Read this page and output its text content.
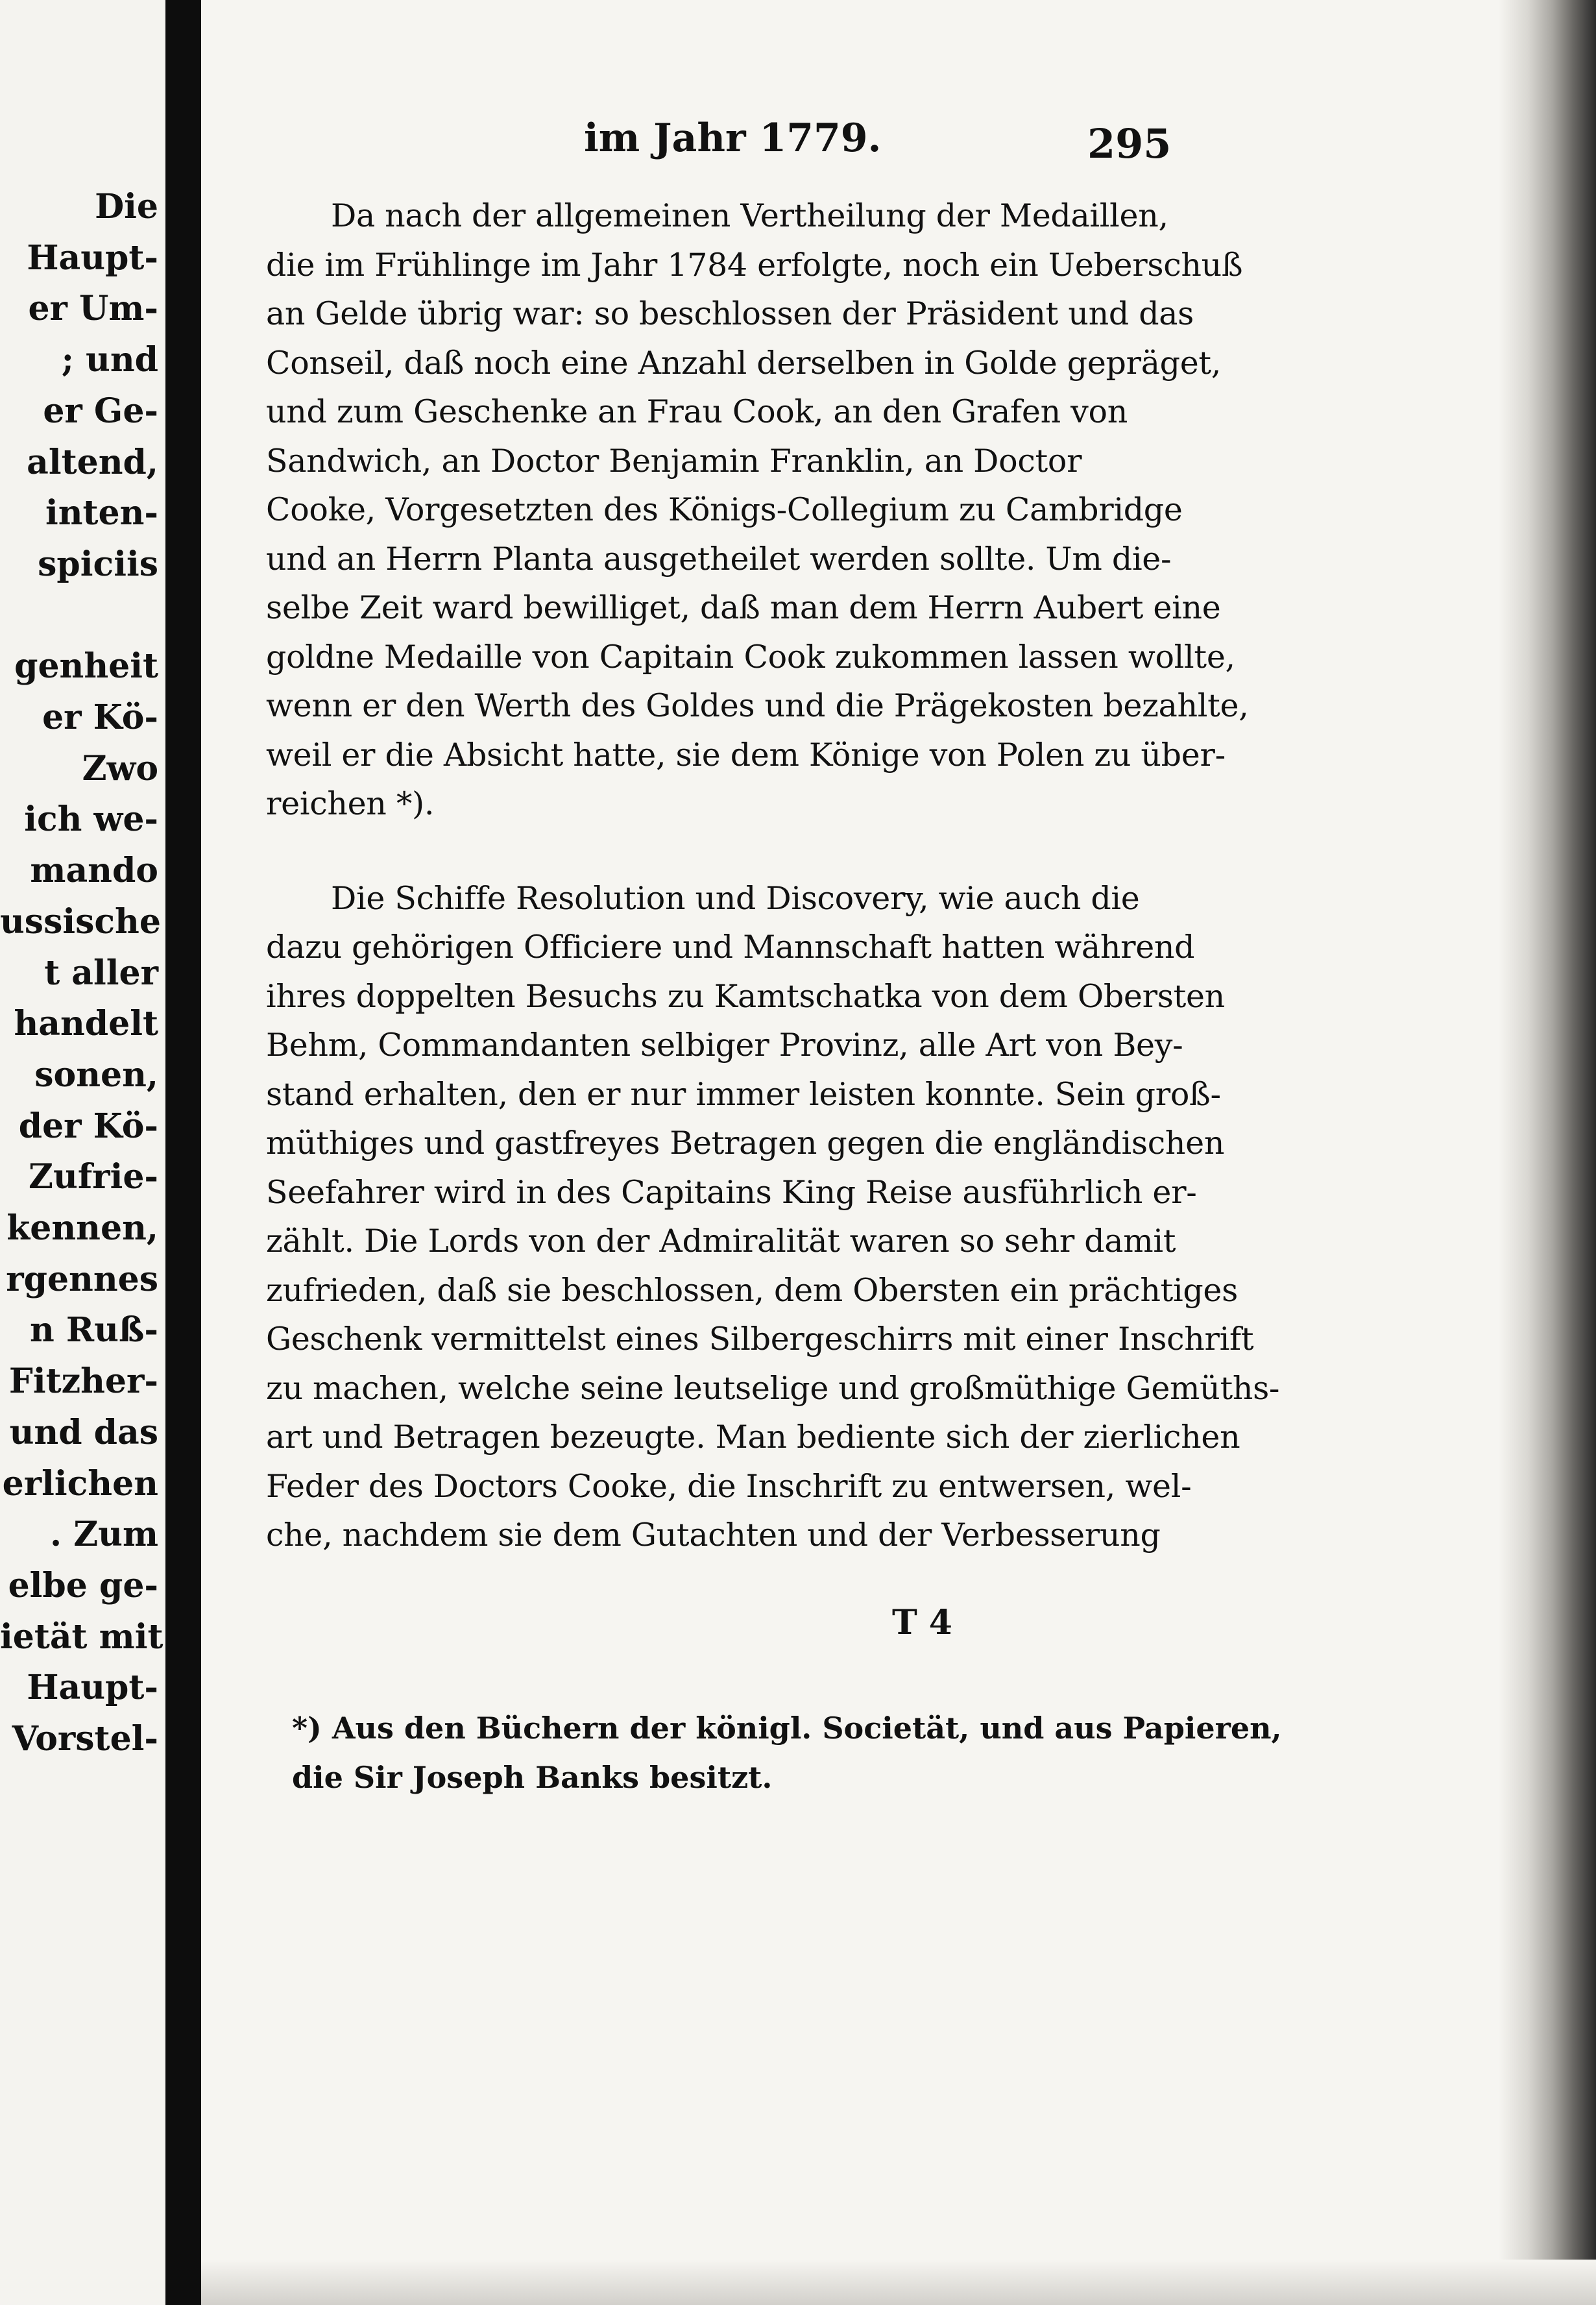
Die
Haupt-
er Um-
; und
er Ge-
altend,
inten-
spiciis

genheit
er Kö-
Zwo
ich we-
mando
ussische
t aller
handelt
sonen,
der Kö-
Zufrie-
kennen,
rgennes
n Ruß-
Fitzher-
und das
erlichen
. Zum
elbe ge-
ietät mit
Haupt-
Vorstel-
im Jahr 1779.	295
Da nach der allgemeinen Vertheilung der Medaillen,
die im Frühlinge im Jahr 1784 erfolgte, noch ein Ueberschuß
an Gelde übrig war: so beschlossen der Präsident und das
Conseil, daß noch eine Anzahl derselben in Golde gepräget,
und zum Geschenke an Frau Cook, an den Grafen von
Sandwich, an Doctor Benjamin Franklin, an Doctor
Cooke, Vorgesetzten des Königs-Collegium zu Cambridge
und an Herrn Planta ausgetheilet werden sollte. Um die-
selbe Zeit ward bewilliget, daß man dem Herrn Aubert eine
goldne Medaille von Capitain Cook zukommen lassen wollte,
wenn er den Werth des Goldes und die Prägekosten bezahlte,
weil er die Absicht hatte, sie dem Könige von Polen zu über-
reichen *).
Die Schiffe Resolution und Discovery, wie auch die
dazu gehörigen Officiere und Mannschaft hatten während
ihres doppelten Besuchs zu Kamtschatka von dem Obersten
Behm, Commandanten selbiger Provinz, alle Art von Bey-
stand erhalten, den er nur immer leisten konnte. Sein groß-
müthiges und gastfreyes Betragen gegen die engländischen
Seefahrer wird in des Capitains King Reise ausführlich er-
zählt. Die Lords von der Admiralität waren so sehr damit
zufrieden, daß sie beschlossen, dem Obersten ein prächtiges
Geschenk vermittelst eines Silbergeschirrs mit einer Inschrift
zu machen, welche seine leutselige und großmüthige Gemüths-
art und Betragen bezeugte. Man bediente sich der zierlichen
Feder des Doctors Cooke, die Inschrift zu entwersen, wel-
che, nachdem sie dem Gutachten und der Verbesserung
T 4
*) Aus den Büchern der königl. Societät, und aus Papieren,
die Sir Joseph Banks besitzt.
